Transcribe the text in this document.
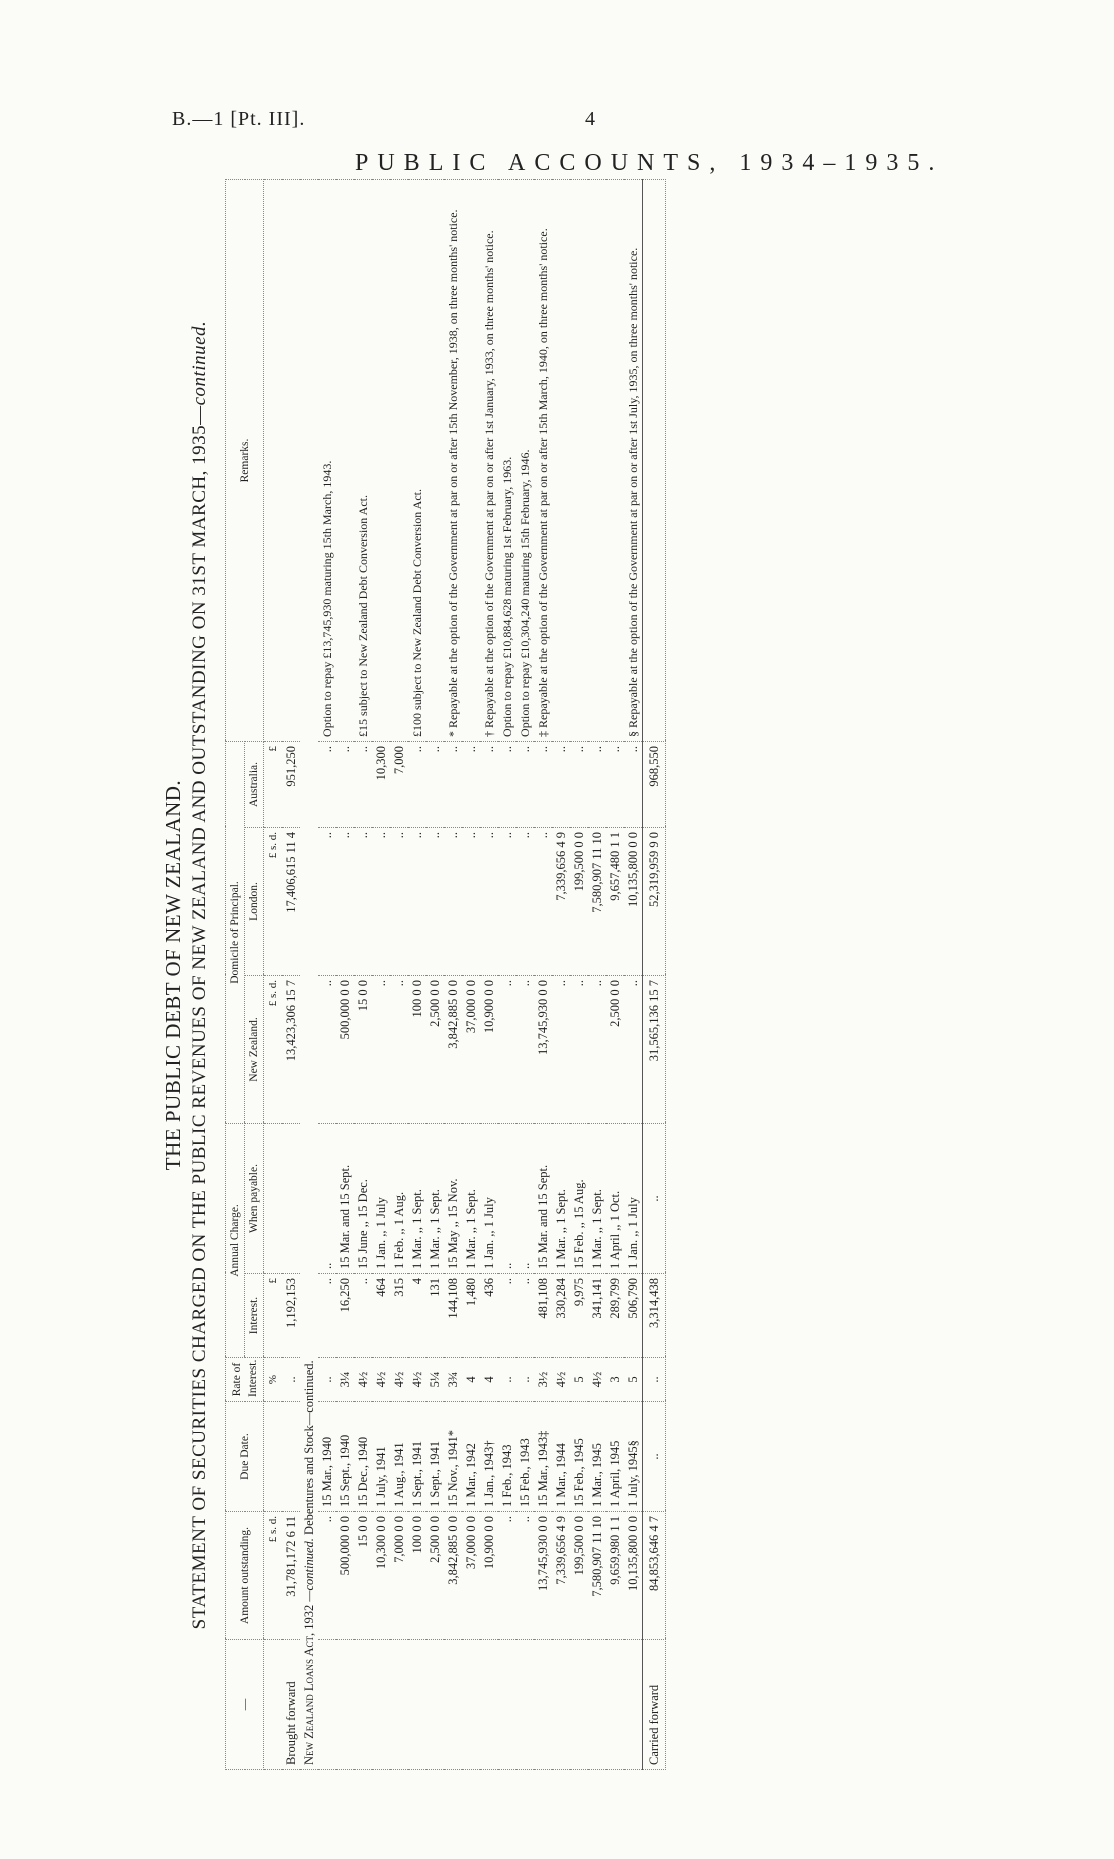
B.—1 [Pt. III].	4
PUBLIC ACCOUNTS, 1934–1935.
THE PUBLIC DEBT OF NEW ZEALAND. STATEMENT OF SECURITIES CHARGED ON THE PUBLIC REVENUES OF NEW ZEALAND AND OUTSTANDING ON 31ST MARCH, 1935—continued.
—	Amount outstanding.	Due Date.	Rate of Interest.	Annual Charge.		Domicile of Principal.			Remarks.
				Interest.	When payable.	New Zealand.	London.	Australia.	
	£ s. d.		%	£		£ s. d.	£ s. d.	£	
Brought forward	31,781,172 6 11		..	1,192,153		13,423,306 15 7	17,406,615 11 4	951,250	
New Zealand Loans Act, 1932 —continued. Debentures and Stock—continued.									
	..	15 Mar., 1940	..	..	..	..	..	..	Option to repay £13,745,930 maturing 15th March, 1943.
	500,000 0 0	15 Sept., 1940	3¼	16,250	15 Mar. and 15 Sept.	500,000 0 0	..	..	
	15 0 0	15 Dec., 1940	4½	..	15 June ,, 15 Dec.	15 0 0	..	..	£15 subject to New Zealand Debt Conversion Act.
	10,300 0 0	1 July, 1941	4½	464	1 Jan. ,, 1 July	..	..	10,300	
	7,000 0 0	1 Aug., 1941	4½	315	1 Feb. ,, 1 Aug.	..	..	7,000	
	100 0 0	1 Sept., 1941	4½	4	1 Mar. ,, 1 Sept.	100 0 0	..	..	£100 subject to New Zealand Debt Conversion Act.
	2,500 0 0	1 Sept., 1941	5¼	131	1 Mar. ,, 1 Sept.	2,500 0 0	..	..	
	3,842,885 0 0	15 Nov., 1941*	3¾	144,108	15 May ,, 15 Nov.	3,842,885 0 0	..	..	* Repayable at the option of the Government at par on or after 15th November, 1938, on three months' notice.
	37,000 0 0	1 Mar., 1942	4	1,480	1 Mar. ,, 1 Sept.	37,000 0 0	..	..	
	10,900 0 0	1 Jan., 1943†	4	436	1 Jan. ,, 1 July	10,900 0 0	..	..	† Repayable at the option of the Government at par on or after 1st January, 1933, on three months' notice.
	..	1 Feb., 1943	..	..	..	..	..	..	Option to repay £10,884,628 maturing 1st February, 1963.
	..	15 Feb., 1943	..	..	..	..	..	..	Option to repay £10,304,240 maturing 15th February, 1946.
	13,745,930 0 0	15 Mar., 1943‡	3½	481,108	15 Mar. and 15 Sept.	13,745,930 0 0	..	..	‡ Repayable at the option of the Government at par on or after 15th March, 1940, on three months' notice.
	7,339,656 4 9	1 Mar., 1944	4½	330,284	1 Mar. ,, 1 Sept.	..	7,339,656 4 9	..	
	199,500 0 0	15 Feb., 1945	5	9,975	15 Feb. ,, 15 Aug.	..	199,500 0 0	..	
	7,580,907 11 10	1 Mar., 1945	4½	341,141	1 Mar. ,, 1 Sept.	..	7,580,907 11 10	..	
	9,659,980 1 1	1 April, 1945	3	289,799	1 April ,, 1 Oct.	2,500 0 0	9,657,480 1 1	..	
	10,135,800 0 0	1 July, 1945§	5	506,790	1 Jan. ,, 1 July	..	10,135,800 0 0	..	§ Repayable at the option of the Government at par on or after 1st July, 1935, on three months' notice.
Carried forward	84,853,646 4 7	..	..	3,314,438	..	31,565,136 15 7	52,319,959 9 0	968,550	
